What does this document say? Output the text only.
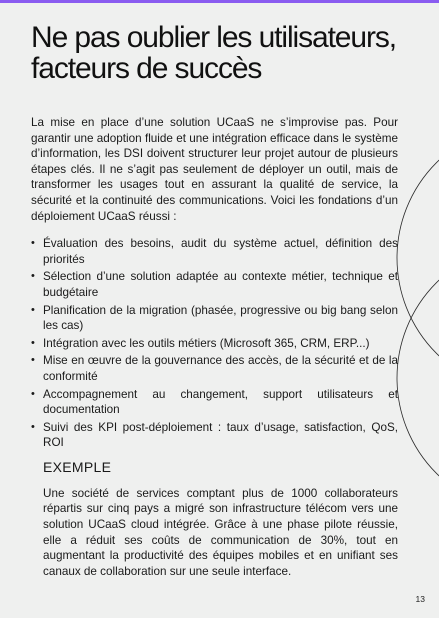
Ne pas oublier les utilisateurs, facteurs de succès

La mise en place d’une solution UCaaS ne s’improvise pas. Pour garantir une adoption fluide et une intégration efficace dans le système d’information, les DSI doivent structurer leur projet autour de plusieurs étapes clés. Il ne s’agit pas seulement de déployer un outil, mais de transformer les usages tout en assurant la qualité de service, la sécurité et la continuité des communications. Voici les fondations d’un déploiement UCaaS réussi :

• Évaluation des besoins, audit du système actuel, définition des priorités
• Sélection d’une solution adaptée au contexte métier, technique et budgétaire
• Planification de la migration (phasée, progressive ou big bang selon les cas)
• Intégration avec les outils métiers (Microsoft 365, CRM, ERP...)
• Mise en œuvre de la gouvernance des accès, de la sécurité et de la conformité
• Accompagnement au changement, support utilisateurs et documentation
• Suivi des KPI post-déploiement : taux d’usage, satisfaction, QoS, ROI
EXEMPLE

Une société de services comptant plus de 1000 collaborateurs répartis sur cinq pays a migré son infrastructure télécom vers une solution UCaaS cloud intégrée. Grâce à une phase pilote réussie, elle a réduit ses coûts de communication de 30%, tout en augmentant la productivité des équipes mobiles et en unifiant ses canaux de collaboration sur une seule interface.

13
